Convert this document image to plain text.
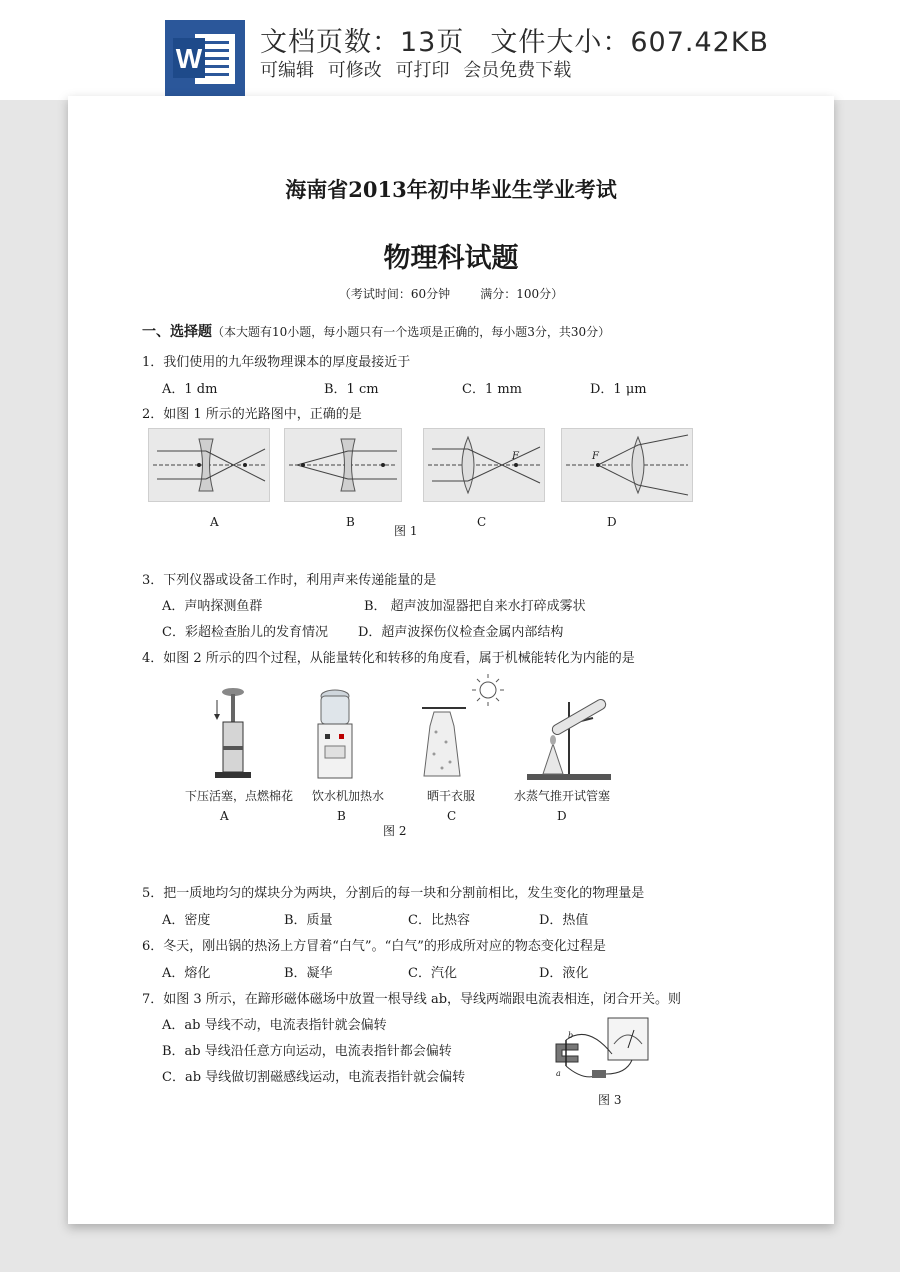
W
文档页数：13页 文件大小：607.42KB
可编辑 可修改 可打印 会员免费下载
海南省2013年初中毕业生学业考试
物理科试题
（考试时间：60分钟	满分：100分）
一、选择题（本大题有10小题，每小题只有一个选项是正确的，每小题3分，共30分）
1．我们使用的九年级物理课本的厚度最接近于
A．1 dm	B．1 cm	C．1 mm	D．1 μm
2．如图 1 所示的光路图中，正确的是
F	F
A	B
图 1
C	D
3．下列仪器或设备工作时，利用声来传递能量的是
A．声呐探测鱼群	B． 超声波加湿器把自来水打碎成雾状
C．彩超检查胎儿的发育情况 D．超声波探伤仪检查金属内部结构
4．如图 2 所示的四个过程，从能量转化和转移的角度看，属于机械能转化为内能的是
下压活塞，点燃棉花 饮水机加热水	晒干衣服	水蒸气推开试管塞
A	B	C	D
图 2
5．把一质地均匀的煤块分为两块，分割后的每一块和分割前相比，发生变化的物理量是
A．密度	B．质量	C．比热容	D．热值
6．冬天，刚出锅的热汤上方冒着“白气”。“白气”的形成所对应的物态变化过程是
A．熔化	B．凝华	C．汽化	D．液化
7．如图 3 所示，在蹄形磁体磁场中放置一根导线 ab，导线两端跟电流表相连，闭合开关。则
A．ab 导线不动，电流表指针就会偏转
B．ab 导线沿任意方向运动，电流表指针都会偏转
C．ab 导线做切割磁感线运动，电流表指针就会偏转
b
a
图 3
